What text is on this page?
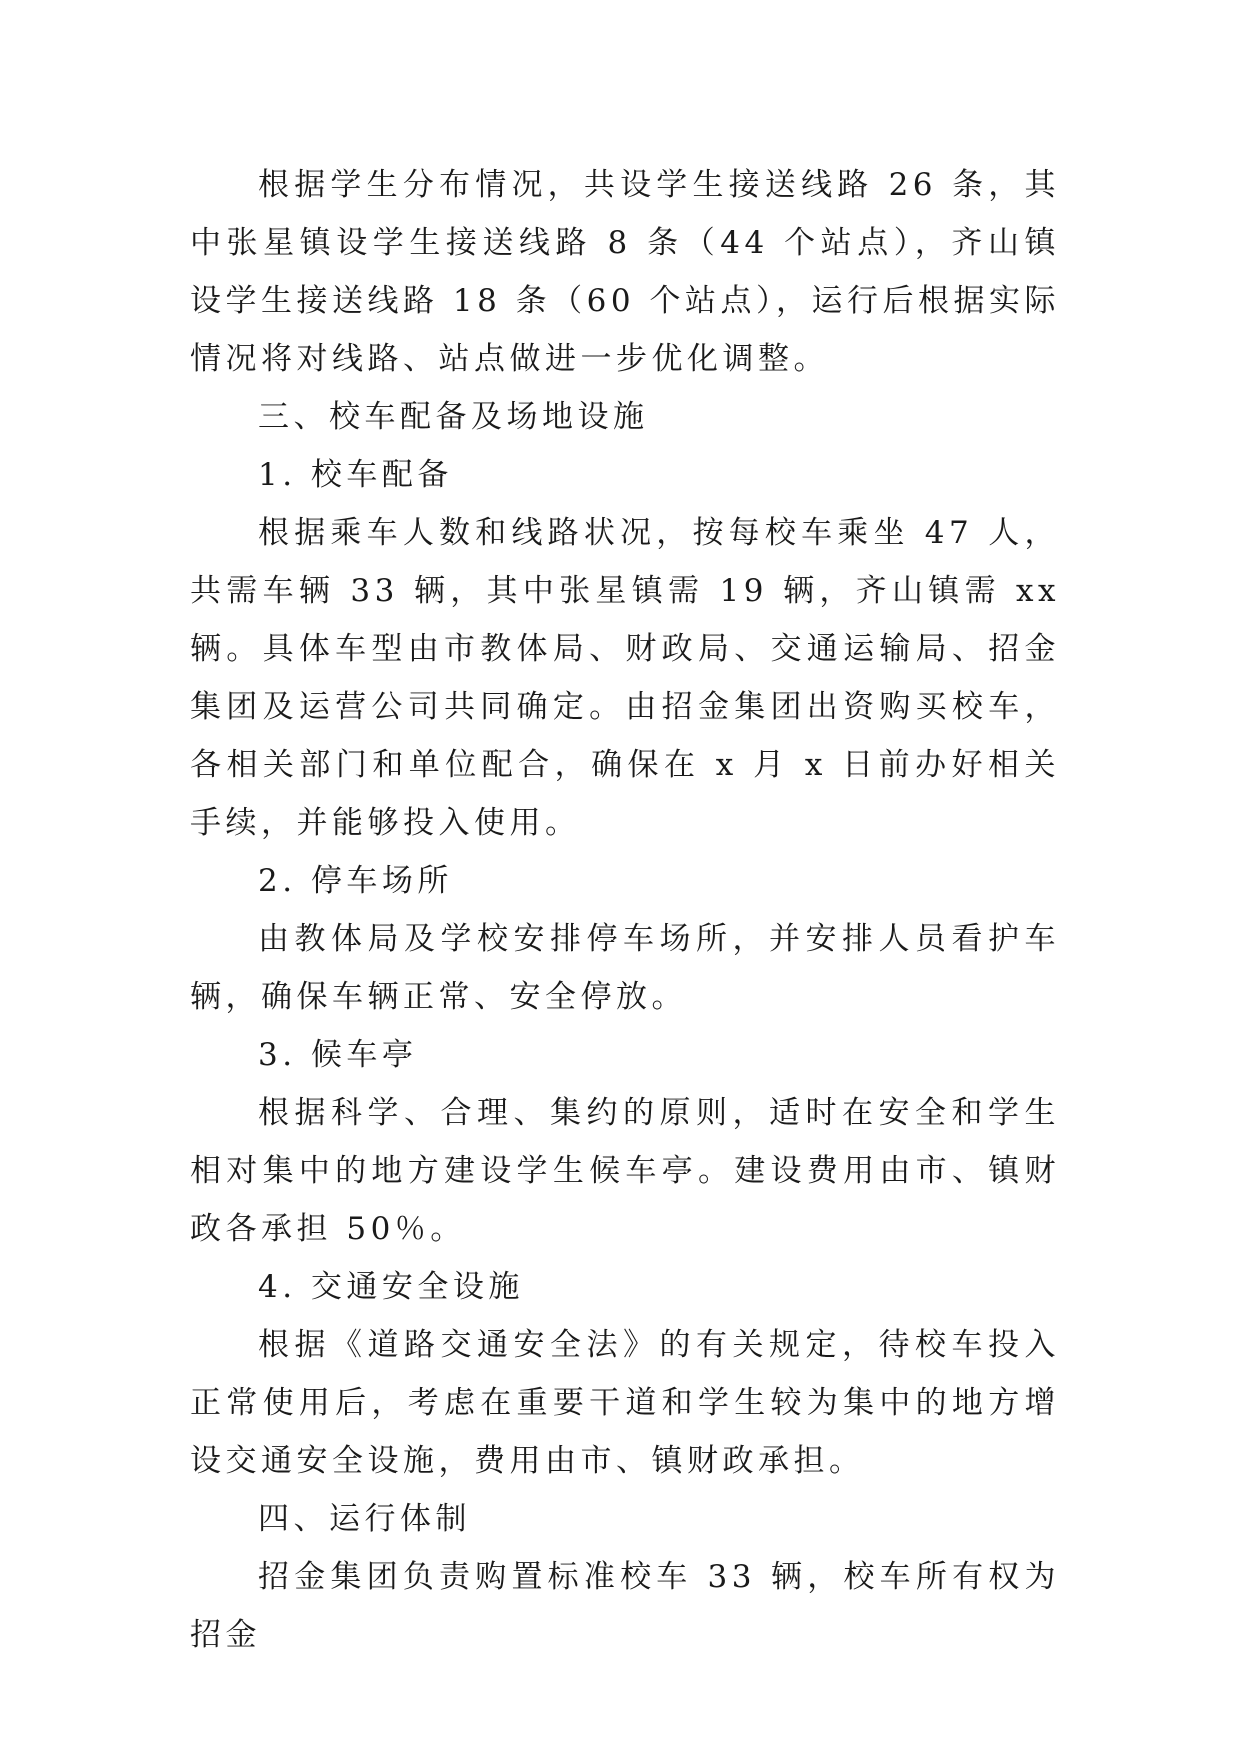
根据学生分布情况，共设学生接送线路 26 条，其中张星镇设学生接送线路 8 条（44 个站点），齐山镇设学生接送线路 18 条（60 个站点），运行后根据实际情况将对线路、站点做进一步优化调整。

三、校车配备及场地设施

1. 校车配备

根据乘车人数和线路状况，按每校车乘坐 47 人，共需车辆 33 辆，其中张星镇需 19 辆，齐山镇需 xx 辆。具体车型由市教体局、财政局、交通运输局、招金集团及运营公司共同确定。由招金集团出资购买校车，各相关部门和单位配合，确保在 x 月 x 日前办好相关手续，并能够投入使用。

2. 停车场所

由教体局及学校安排停车场所，并安排人员看护车辆，确保车辆正常、安全停放。

3. 候车亭

根据科学、合理、集约的原则，适时在安全和学生相对集中的地方建设学生候车亭。建设费用由市、镇财政各承担 50％。

4. 交通安全设施

根据《道路交通安全法》的有关规定，待校车投入正常使用后，考虑在重要干道和学生较为集中的地方增设交通安全设施，费用由市、镇财政承担。

四、运行体制

招金集团负责购置标准校车 33 辆，校车所有权为招金
